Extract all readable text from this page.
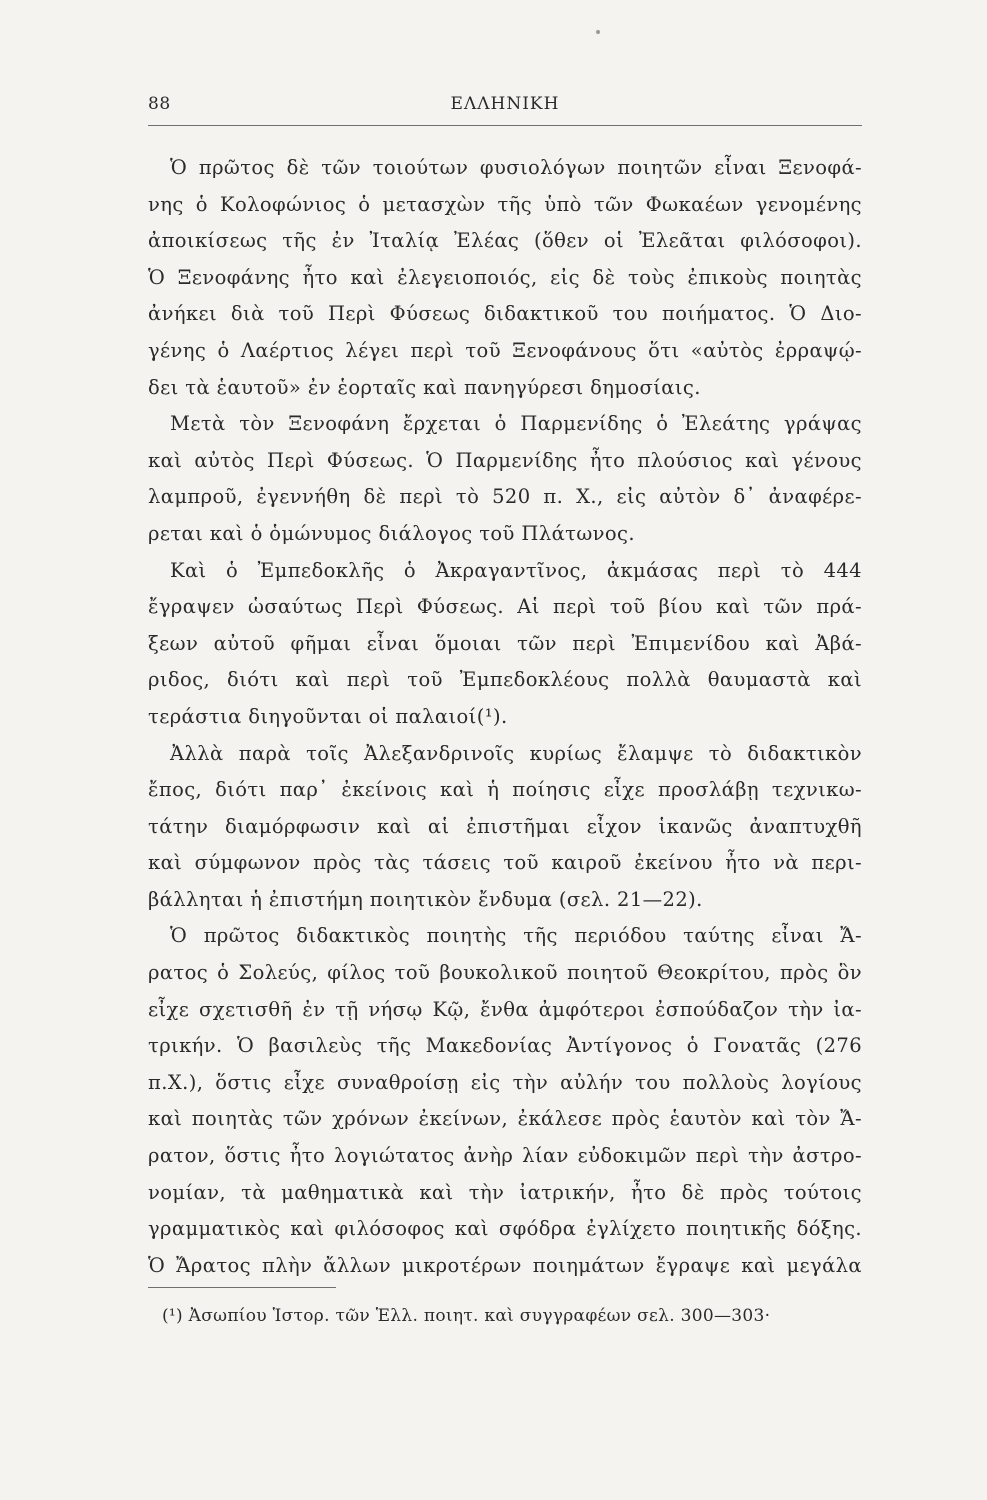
88	ΕΛΛΗΝΙΚΗ
Ὁ πρῶτος δὲ τῶν τοιούτων φυσιολόγων ποιητῶν εἶναι Ξενοφά-
νης ὁ Κολοφώνιος ὁ μετασχὼν τῆς ὑπὸ τῶν Φωκαέων γενομένης
ἀποικίσεως τῆς ἐν Ἰταλίᾳ Ἐλέας (ὅθεν οἱ Ἐλεᾶται φιλόσοφοι).
Ὁ Ξενοφάνης ἦτο καὶ ἐλεγειοποιός, εἰς δὲ τοὺς ἐπικοὺς ποιητὰς
ἀνήκει διὰ τοῦ Περὶ Φύσεως διδακτικοῦ του ποιήματος. Ὁ Διο-
γένης ὁ Λαέρτιος λέγει περὶ τοῦ Ξενοφάνους ὅτι «αὐτὸς ἐρραψῴ-
δει τὰ ἑαυτοῦ» ἐν ἑορταῖς καὶ πανηγύρεσι δημοσίαις.
Μετὰ τὸν Ξενοφάνη ἔρχεται ὁ Παρμενίδης ὁ Ἐλεάτης γράψας
καὶ αὐτὸς Περὶ Φύσεως. Ὁ Παρμενίδης ἦτο πλούσιος καὶ γένους
λαμπροῦ, ἐγεννήθη δὲ περὶ τὸ 520 π. Χ., εἰς αὐτὸν δ᾽ ἀναφέρε-
ρεται καὶ ὁ ὁμώνυμος διάλογος τοῦ Πλάτωνος.
Καὶ ὁ Ἐμπεδοκλῆς ὁ Ἀκραγαντῖνος, ἀκμάσας περὶ τὸ 444
ἔγραψεν ὡσαύτως Περὶ Φύσεως. Αἱ περὶ τοῦ βίου καὶ τῶν πρά-
ξεων αὐτοῦ φῆμαι εἶναι ὅμοιαι τῶν περὶ Ἐπιμενίδου καὶ Ἀβά-
ριδος, διότι καὶ περὶ τοῦ Ἐμπεδοκλέους πολλὰ θαυμαστὰ καὶ
τεράστια διηγοῦνται οἱ παλαιοί(¹).
Ἀλλὰ παρὰ τοῖς Ἀλεξανδρινοῖς κυρίως ἔλαμψε τὸ διδακτικὸν
ἔπος, διότι παρ᾽ ἐκείνοις καὶ ἡ ποίησις εἶχε προσλάβῃ τεχνικω-
τάτην διαμόρφωσιν καὶ αἱ ἐπιστῆμαι εἶχον ἱκανῶς ἀναπτυχθῆ
καὶ σύμφωνον πρὸς τὰς τάσεις τοῦ καιροῦ ἐκείνου ἦτο νὰ περι-
βάλληται ἡ ἐπιστήμη ποιητικὸν ἔνδυμα (σελ. 21—22).
Ὁ πρῶτος διδακτικὸς ποιητὴς τῆς περιόδου ταύτης εἶναι Ἄ-
ρατος ὁ Σολεύς, φίλος τοῦ βουκολικοῦ ποιητοῦ Θεοκρίτου, πρὸς ὃν
εἶχε σχετισθῆ ἐν τῇ νήσῳ Κῷ, ἔνθα ἀμφότεροι ἐσπούδαζον τὴν ἰα-
τρικήν. Ὁ βασιλεὺς τῆς Μακεδονίας Ἀντίγονος ὁ Γονατᾶς (276
π.Χ.), ὅστις εἶχε συναθροίσῃ εἰς τὴν αὐλήν του πολλοὺς λογίους
καὶ ποιητὰς τῶν χρόνων ἐκείνων, ἐκάλεσε πρὸς ἑαυτὸν καὶ τὸν Ἄ-
ρατον, ὅστις ἦτο λογιώτατος ἀνὴρ λίαν εὐδοκιμῶν περὶ τὴν ἀστρο-
νομίαν, τὰ μαθηματικὰ καὶ τὴν ἰατρικήν, ἦτο δὲ πρὸς τούτοις
γραμματικὸς καὶ φιλόσοφος καὶ σφόδρα ἐγλίχετο ποιητικῆς δόξης.
Ὁ Ἄρατος πλὴν ἄλλων μικροτέρων ποιημάτων ἔγραψε καὶ μεγάλα
(¹) Ἀσωπίου Ἱστορ. τῶν Ἑλλ. ποιητ. καὶ συγγραφέων σελ. 300—303·
